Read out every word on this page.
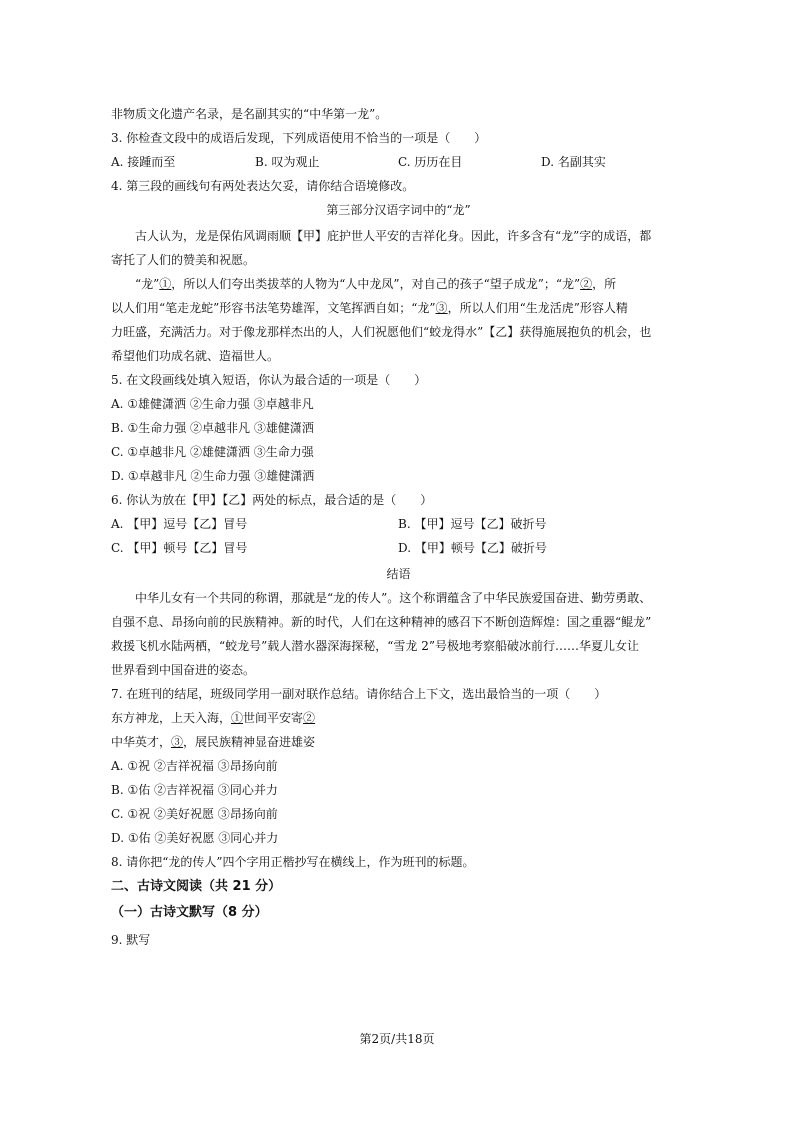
非物质文化遗产名录，是名副其实的“中华第一龙”。
3. 你检查文段中的成语后发现，下列成语使用不恰当的一项是（　　）
A. 接踵而至	B. 叹为观止	C. 历历在目	D. 名副其实
4. 第三段的画线句有两处表达欠妥，请你结合语境修改。
第三部分汉语字词中的“龙”
古人认为，龙是保佑风调雨顺【甲】庇护世人平安的吉祥化身。因此，许多含有“龙”字的成语，都
寄托了人们的赞美和祝愿。
“龙”①，所以人们夸出类拔萃的人物为“人中龙凤”，对自己的孩子“望子成龙”；“龙”②，所
以人们用“笔走龙蛇”形容书法笔势雄浑，文笔挥洒自如；“龙”③，所以人们用“生龙活虎”形容人精
力旺盛，充满活力。对于像龙那样杰出的人，人们祝愿他们“蛟龙得水”【乙】获得施展抱负的机会，也
希望他们功成名就、造福世人。
5. 在文段画线处填入短语，你认为最合适的一项是（　　）
A. ①雄健潇洒 ②生命力强 ③卓越非凡
B. ①生命力强 ②卓越非凡 ③雄健潇洒
C. ①卓越非凡 ②雄健潇洒 ③生命力强
D. ①卓越非凡 ②生命力强 ③雄健潇洒
6. 你认为放在【甲】【乙】两处的标点，最合适的是（　　）
A. 【甲】逗号【乙】冒号	B. 【甲】逗号【乙】破折号
C. 【甲】顿号【乙】冒号	D. 【甲】顿号【乙】破折号
结语
中华儿女有一个共同的称谓，那就是“龙的传人”。这个称谓蕴含了中华民族爱国奋进、勤劳勇敢、
自强不息、昂扬向前的民族精神。新的时代，人们在这种精神的感召下不断创造辉煌：国之重器“鲲龙”
救援飞机水陆两栖，“蛟龙号”载人潜水器深海探秘，“雪龙 2”号极地考察船破冰前行……华夏儿女让
世界看到中国奋进的姿态。
7. 在班刊的结尾，班级同学用一副对联作总结。请你结合上下文，选出最恰当的一项（　　）
东方神龙，上天入海，①世间平安寄②
中华英才，③，展民族精神显奋进雄姿
A. ①祝 ②吉祥祝福 ③昂扬向前
B. ①佑 ②吉祥祝福 ③同心并力
C. ①祝 ②美好祝愿 ③昂扬向前
D. ①佑 ②美好祝愿 ③同心并力
8. 请你把“龙的传人”四个字用正楷抄写在横线上，作为班刊的标题。
二、古诗文阅读（共 21 分）
（一）古诗文默写（8 分）
9. 默写
第2页/共18页
